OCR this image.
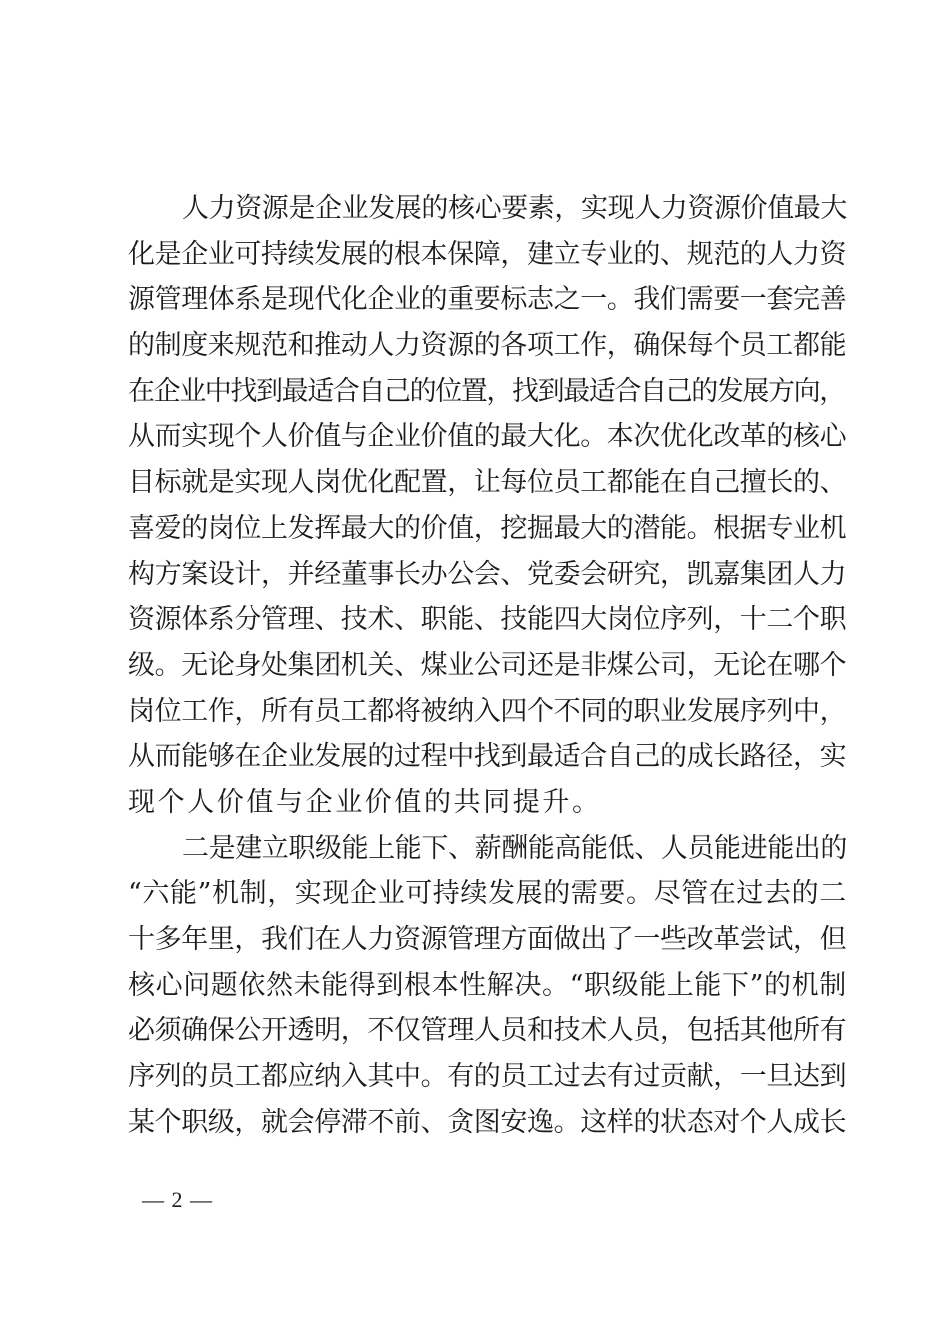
人力资源是企业发展的核心要素，实现人力资源价值最大
化是企业可持续发展的根本保障，建立专业的、规范的人力资
源管理体系是现代化企业的重要标志之一。我们需要一套完善
的制度来规范和推动人力资源的各项工作，确保每个员工都能
在企业中找到最适合自己的位置，找到最适合自己的发展方向，
从而实现个人价值与企业价值的最大化。本次优化改革的核心
目标就是实现人岗优化配置，让每位员工都能在自己擅长的、
喜爱的岗位上发挥最大的价值，挖掘最大的潜能。根据专业机
构方案设计，并经董事长办公会、党委会研究，凯嘉集团人力
资源体系分管理、技术、职能、技能四大岗位序列，十二个职
级。无论身处集团机关、煤业公司还是非煤公司，无论在哪个
岗位工作，所有员工都将被纳入四个不同的职业发展序列中，
从而能够在企业发展的过程中找到最适合自己的成长路径，实
现个人价值与企业价值的共同提升。
二是建立职级能上能下、薪酬能高能低、人员能进能出的
“六能”机制，实现企业可持续发展的需要。尽管在过去的二
十多年里，我们在人力资源管理方面做出了一些改革尝试，但
核心问题依然未能得到根本性解决。“职级能上能下”的机制
必须确保公开透明，不仅管理人员和技术人员，包括其他所有
序列的员工都应纳入其中。有的员工过去有过贡献，一旦达到
某个职级，就会停滞不前、贪图安逸。这样的状态对个人成长
— 2 —
